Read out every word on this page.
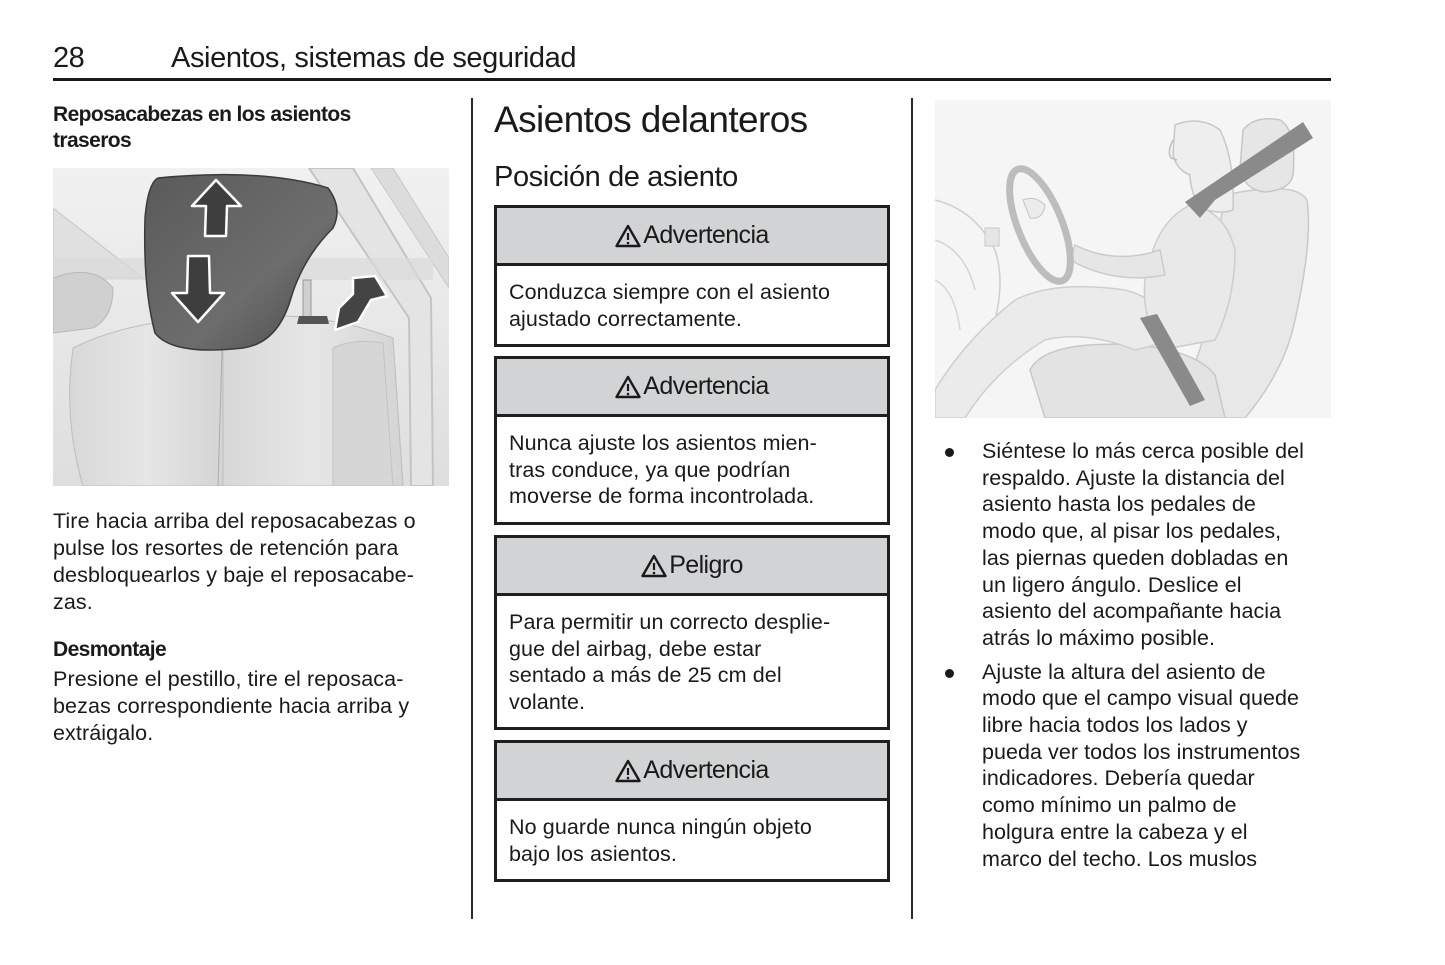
28	Asientos, sistemas de seguridad

Reposacabezas en los asientos traseros

Tire hacia arriba del reposacabezas o

pulse los resortes de retención para

desbloquearlos y baje el reposacabe-

zas.

Desmontaje

Presione el pestillo, tire el reposaca-

bezas correspondiente hacia arriba y

extráigalo.

Asientos delanteros
Posición de asiento
Advertencia
Conduzca siempre con el asiento
ajustado correctamente.
Advertencia
Nunca ajuste los asientos mien-
tras conduce, ya que podrían
moverse de forma incontrolada.
Peligro
Para permitir un correcto desplie-
gue del airbag, debe estar
sentado a más de 25 cm del
volante.
Advertencia
No guarde nunca ningún objeto
bajo los asientos.
Siéntese lo más cerca posible del
respaldo. Ajuste la distancia del
asiento hasta los pedales de
modo que, al pisar los pedales,
las piernas queden dobladas en
un ligero ángulo. Deslice el
asiento del acompañante hacia
atrás lo máximo posible.
Ajuste la altura del asiento de
modo que el campo visual quede
libre hacia todos los lados y
pueda ver todos los instrumentos
indicadores. Debería quedar
como mínimo un palmo de
holgura entre la cabeza y el
marco del techo. Los muslos
